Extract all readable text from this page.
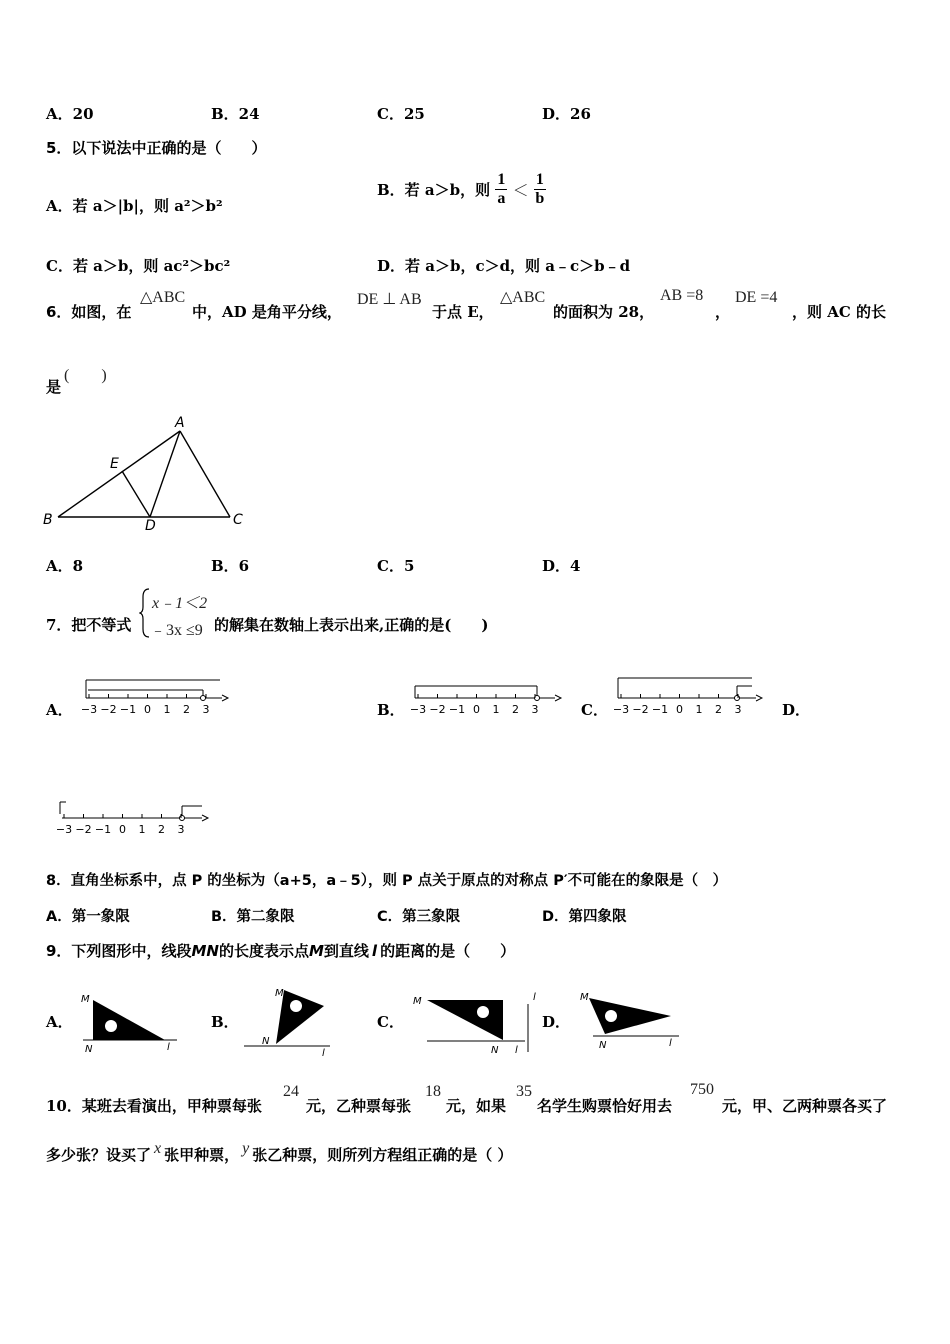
A．20	B．24	C．25	D．26
5．以下说法中正确的是（　　）
A．若 a＞|b|，则 a²＞b²
B．若 a＞b，则 $\frac{1}{a} < \frac{1}{b}$
C．若 a＞b，则 ac²＞bc²	D．若 a＞b，c＞d，则 a﹣c＞b﹣d
6．如图，在
△ABC
中，AD 是角平分线，
DE ⊥ AB
于点 E，
△ABC
的面积为 28，
AB =8
，
DE =4
，则 AC 的长
是
(　　)
A
B	C
D
E
A．8	B．6	C．5	D．4
7．把不等式
x﹣1＜2
﹣3x ≤9 的解集在数轴上表示出来,正确的是(　　)
A．	B．	C．	D．
−3 −2 −1 0 1 2 3	−3 −2 −1 0 1 2 3	−3 −2 −1 0 1 2 3
−3 −2 −1 0 1 2 3
8．直角坐标系中，点 P 的坐标为（a+5，a﹣5），则 P 点关于原点的对称点 P′不可能在的象限是（　）
A．第一象限	B．第二象限	C．第三象限	D．第四象限
9．下列图形中，线段MN的长度表示点M到直线 l 的距离的是（　　）
A．	B．	C．	D．
M
N	l
M
N
l
M
N l
l	M
N	l
10．某班去看演出，甲种票每张
24
元，乙种票每张
18
元，如果
35
名学生购票恰好用去
750
元，甲、乙两种票各买了
多少张？设买了 x 张甲种票， y 张乙种票，则所列方程组正确的是（ ）
